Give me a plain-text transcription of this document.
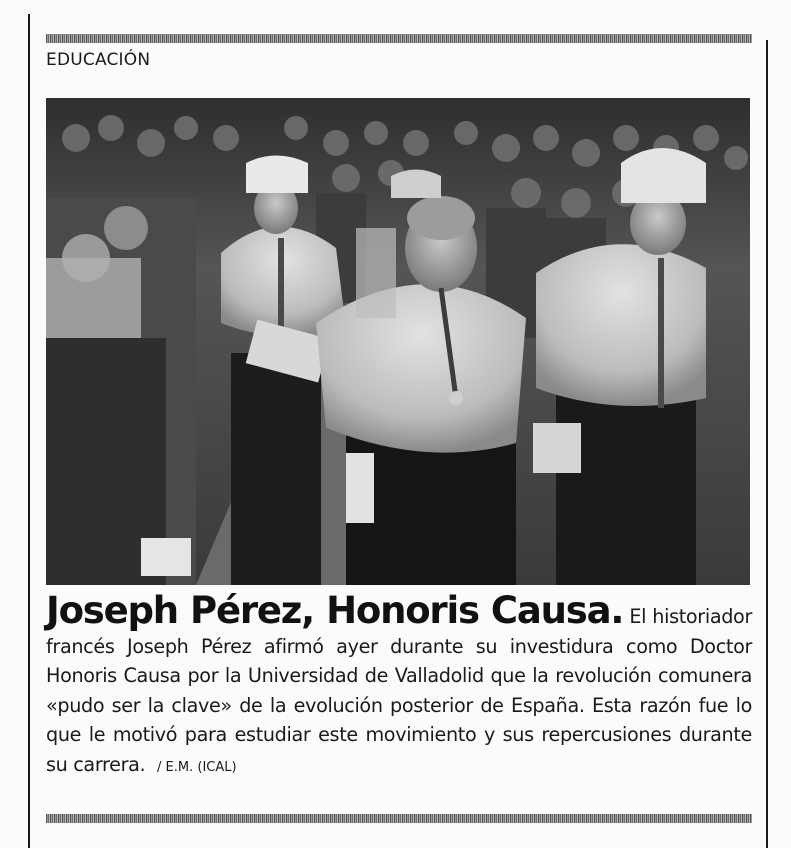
EDUCACIÓN
Joseph Pérez, Honoris Causa. El historiador francés Joseph Pérez afirmó ayer durante su investidura como Doctor Honoris Causa por la Universidad de Valladolid que la revolución comunera «pudo ser la clave» de la evolución posterior de España. Esta razón fue lo que le motivó para estudiar este movimiento y sus repercusiones durante su carrera. / E.M. (ICAL)
